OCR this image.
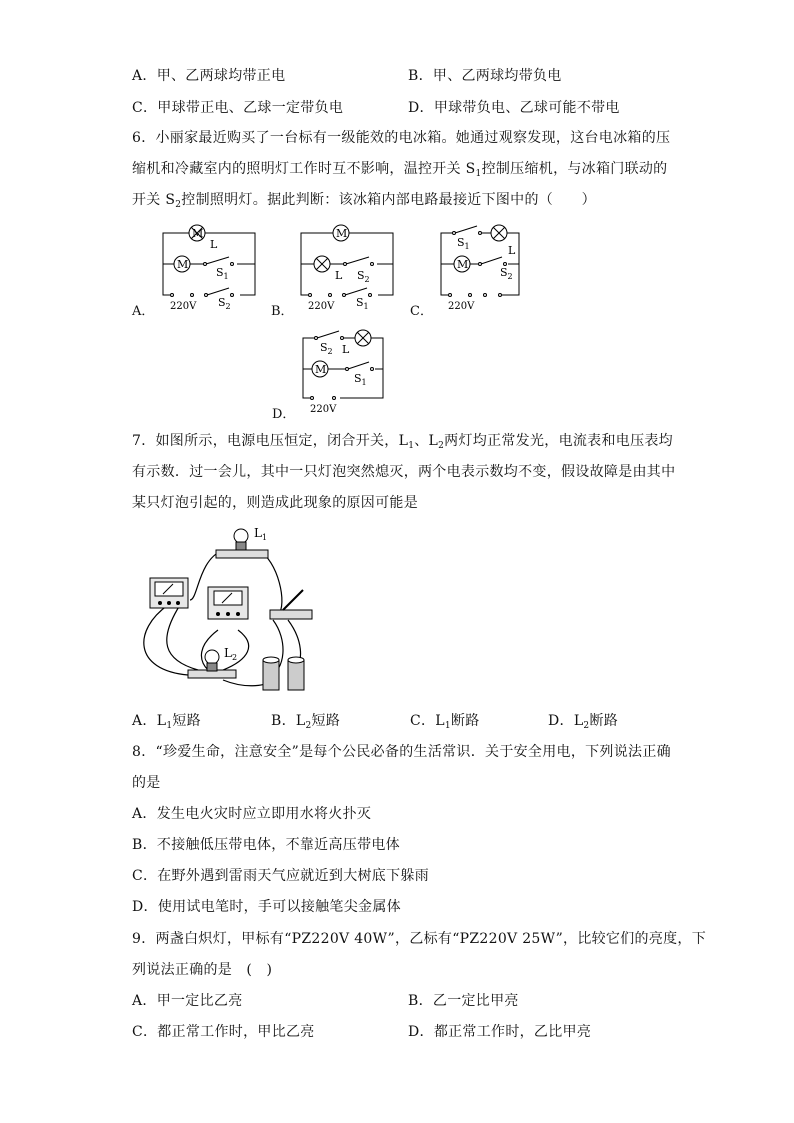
A．甲、乙两球均带正电	B．甲、乙两球均带负电
C．甲球带正电、乙球一定带负电	D．甲球带负电、乙球可能不带电
6．小丽家最近购买了一台标有一级能效的电冰箱。她通过观察发现，这台电冰箱的压
缩机和冷藏室内的照明灯工作时互不影响，温控开关 $S_1$控制压缩机，与冰箱门联动的
开关 $S_2$控制照明灯。据此判断：该冰箱内部电路最接近下图中的（　　）
A．	B．	C．
D．
M
M
M
M
M
L
L
L
L
$S_1$
$S_2$
$S_2$
$S_1$
$S_1$
$S_2$
$S_2$
$S_1$
220V	220V	220V
220V
7．如图所示，电源电压恒定，闭合开关，$L_1$、$L_2$两灯均正常发光，电流表和电压表均
有示数．过一会儿，其中一只灯泡突然熄灭，两个电表示数均不变，假设故障是由其中
某只灯泡引起的，则造成此现象的原因可能是
$L_1$
$L_2$
A．$L_1$短路	B．$L_2$短路	C．$L_1$断路	D．$L_2$断路
8．“珍爱生命，注意安全”是每个公民必备的生活常识．关于安全用电，下列说法正确
的是
A．发生电火灾时应立即用水将火扑灭
B．不接触低压带电体，不靠近高压带电体
C．在野外遇到雷雨天气应就近到大树底下躲雨
D．使用试电笔时，手可以接触笔尖金属体
9．两盏白炽灯，甲标有“PZ220V 40W”，乙标有“PZ220V 25W”，比较它们的亮度，下
列说法正确的是　(　)
A．甲一定比乙亮	B．乙一定比甲亮
C．都正常工作时，甲比乙亮	D．都正常工作时，乙比甲亮
